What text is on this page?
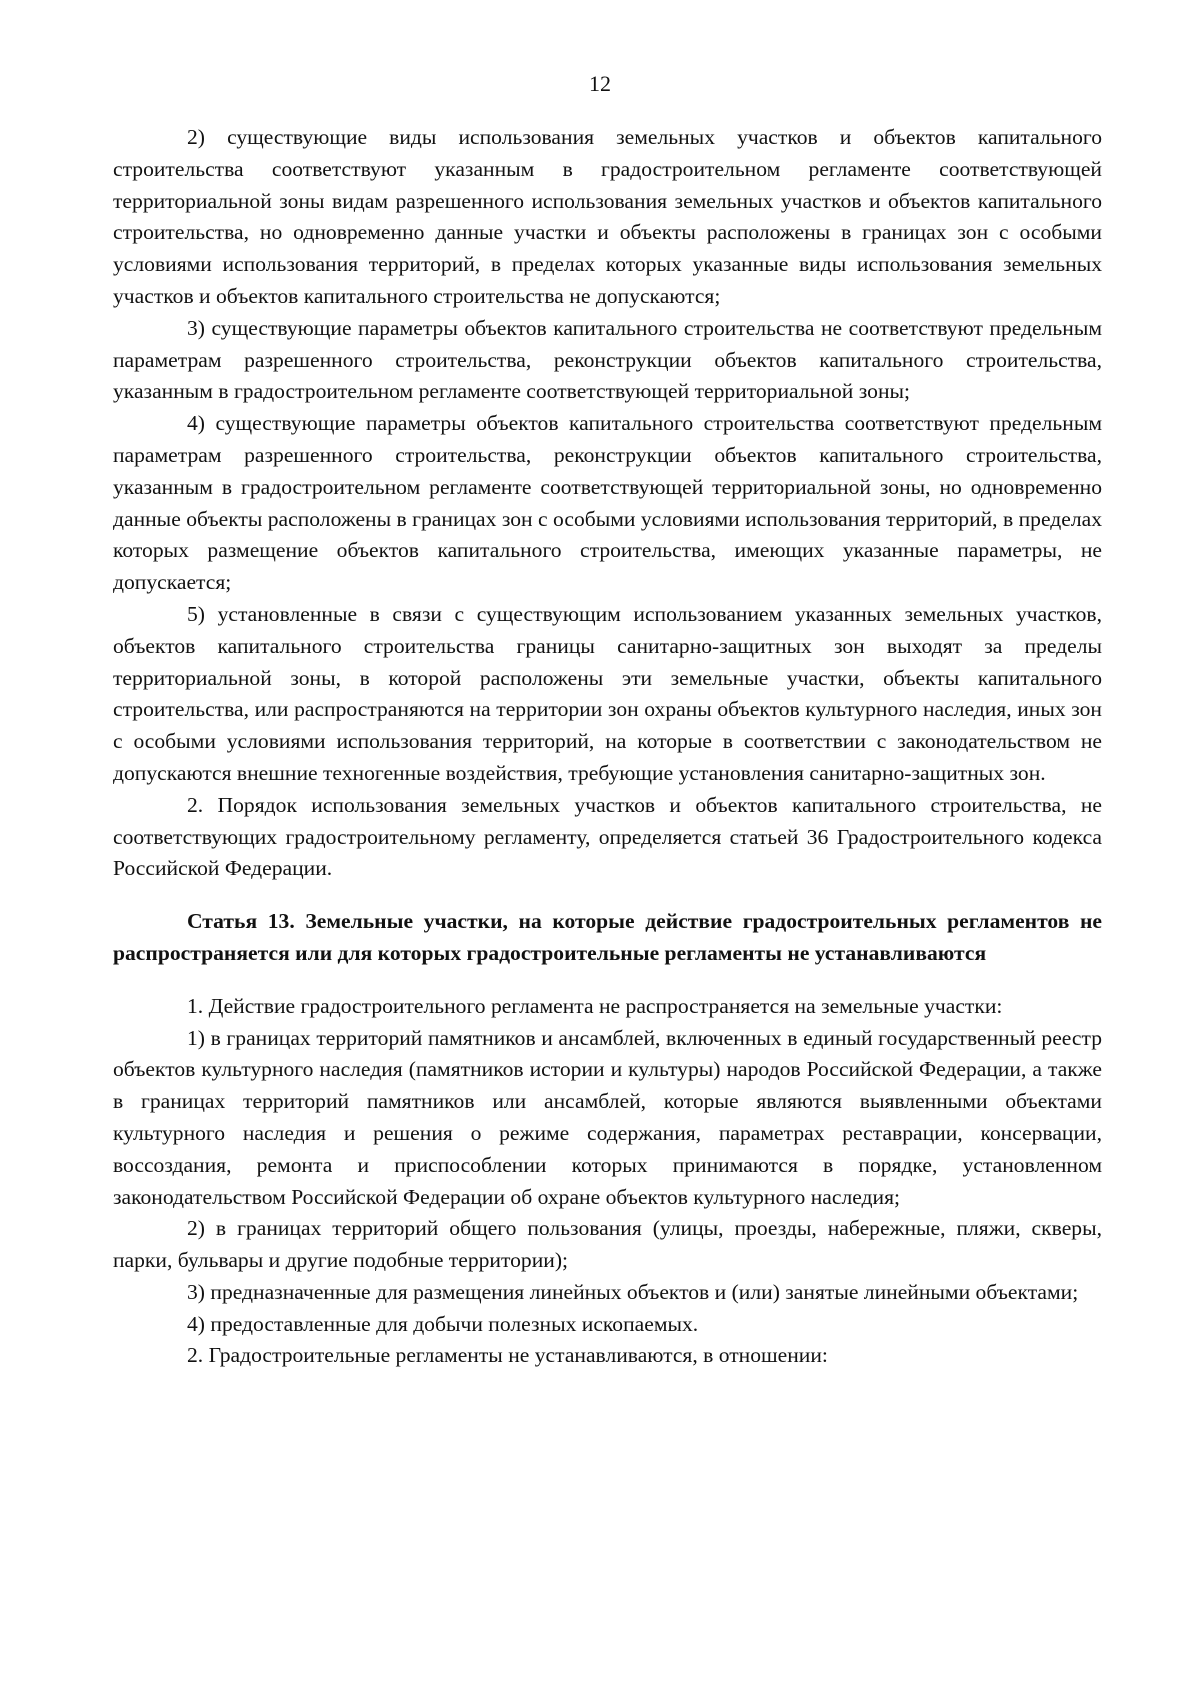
12

2) существующие виды использования земельных участков и объектов капитального строительства соответствуют указанным в градостроительном регламенте соответствующей территориальной зоны видам разрешенного использования земельных участков и объектов капитального строительства, но одновременно данные участки и объекты расположены в границах зон с особыми условиями использования территорий, в пределах которых указанные виды использования земельных участков и объектов капитального строительства не допускаются;

3) существующие параметры объектов капитального строительства не соответствуют предельным параметрам разрешенного строительства, реконструкции объектов капитального строительства, указанным в градостроительном регламенте соответствующей территориальной зоны;

4) существующие параметры объектов капитального строительства соответствуют предельным параметрам разрешенного строительства, реконструкции объектов капитального строительства, указанным в градостроительном регламенте соответствующей территориальной зоны, но одновременно данные объекты расположены в границах зон с особыми условиями использования территорий, в пределах которых размещение объектов капитального строительства, имеющих указанные параметры, не допускается;

5) установленные в связи с существующим использованием указанных земельных участков, объектов капитального строительства границы санитарно-защитных зон выходят за пределы территориальной зоны, в которой расположены эти земельные участки, объекты капитального строительства, или распространяются на территории зон охраны объектов культурного наследия, иных зон с особыми условиями использования территорий, на которые в соответствии с законодательством не допускаются внешние техногенные воздействия, требующие установления санитарно-защитных зон.

2. Порядок использования земельных участков и объектов капитального строительства, не соответствующих градостроительному регламенту, определяется статьей 36 Градостроительного кодекса Российской Федерации.

Статья 13. Земельные участки, на которые действие градостроительных регламентов не распространяется или для которых градостроительные регламенты не устанавливаются

1. Действие градостроительного регламента не распространяется на земельные участки:

1) в границах территорий памятников и ансамблей, включенных в единый государственный реестр объектов культурного наследия (памятников истории и культуры) народов Российской Федерации, а также в границах территорий памятников или ансамблей, которые являются выявленными объектами культурного наследия и решения о режиме содержания, параметрах реставрации, консервации, воссоздания, ремонта и приспособлении которых принимаются в порядке, установленном законодательством Российской Федерации об охране объектов культурного наследия;

2) в границах территорий общего пользования (улицы, проезды, набережные, пляжи, скверы, парки, бульвары и другие подобные территории);

3) предназначенные для размещения линейных объектов и (или) занятые линейными объектами;

4) предоставленные для добычи полезных ископаемых.

2. Градостроительные регламенты не устанавливаются, в отношении:
